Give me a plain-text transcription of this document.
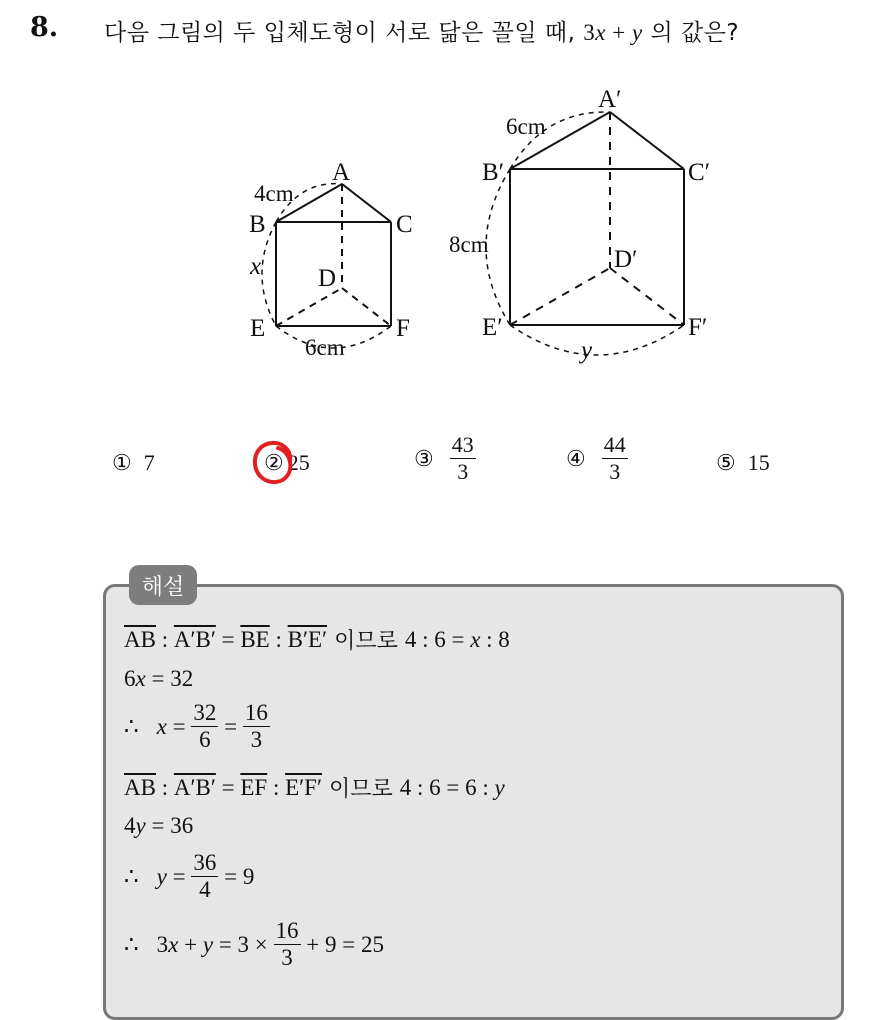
8. 다음 그림의 두 입체도형이 서로 닮은 꼴일 때, 3x + y 의 값은?
A
B	C
D
E	F
4cm
x
6cm
A′
B′	C′
D′
E′	F′
6cm
8cm
y
① 7	② 25	③ $\frac{43}{3}$	④ $\frac{44}{3}$	⑤ 15
해설
$\overline{AB}$ : $A'B' = \overline{BE}$ : B′E′ 이므로 4 : 6 = x : 8
6 x = 32
∴ $x = \frac{32}{6} = \frac{16}{3}$
$\overline{AB}$ : $A'B' = \overline{EF}$ : E′F′ 이므로 4 : 6 = 6 : y
4 y = 36
∴ $y = \frac{36}{4} = 9$
∴ 3 $x + y = 3 \times \frac{16}{3} + 9 = 25$
